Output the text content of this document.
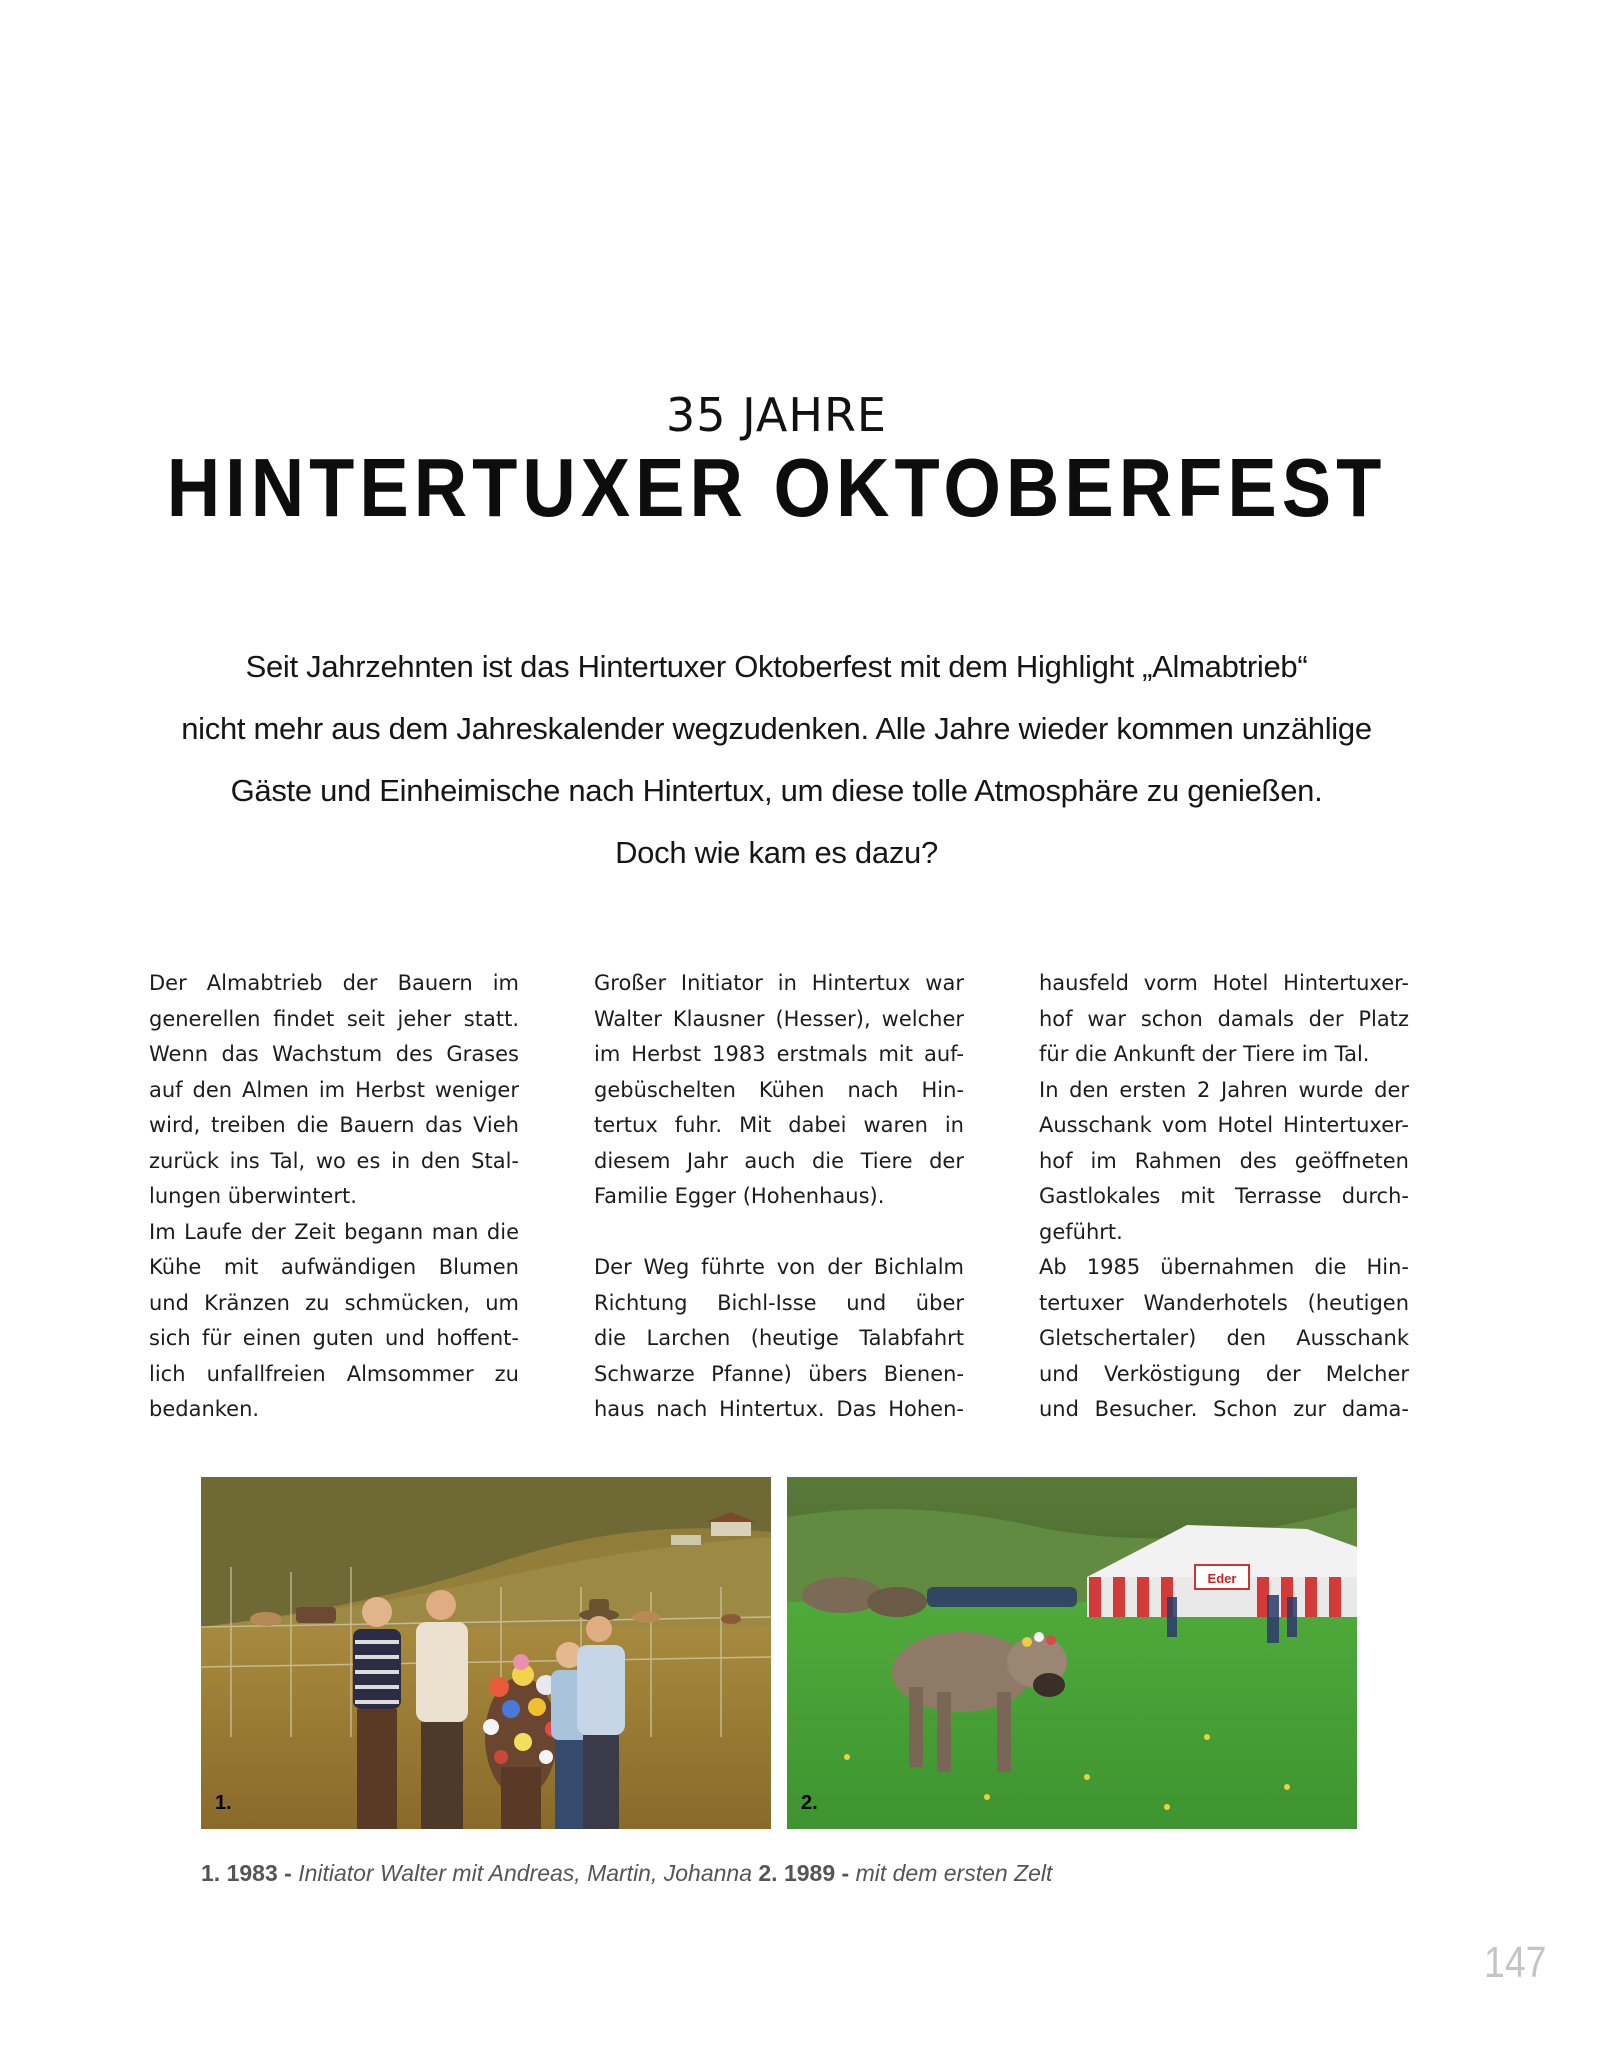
35 JAHRE
HINTERTUXER OKTOBERFEST
Seit Jahrzehnten ist das Hintertuxer Oktoberfest mit dem Highlight „Almabtrieb“
nicht mehr aus dem Jahreskalender wegzudenken. Alle Jahre wieder kommen unzählige
Gäste und Einheimische nach Hintertux, um diese tolle Atmosphäre zu genießen.
Doch wie kam es dazu?
Der Almabtrieb der Bauern im
generellen findet seit jeher statt.
Wenn das Wachstum des Grases
auf den Almen im Herbst weniger
wird, treiben die Bauern das Vieh
zurück ins Tal, wo es in den Stal-
lungen überwintert.
Im Laufe der Zeit begann man die
Kühe mit aufwändigen Blumen
und Kränzen zu schmücken, um
sich für einen guten und hoffent-
lich unfallfreien Almsommer zu
bedanken.
Großer Initiator in Hintertux war
Walter Klausner (Hesser), welcher
im Herbst 1983 erstmals mit auf-
gebüschelten Kühen nach Hin-
tertux fuhr. Mit dabei waren in
diesem Jahr auch die Tiere der
Familie Egger (Hohenhaus).
Der Weg führte von der Bichlalm
Richtung Bichl-Isse und über
die Larchen (heutige Talabfahrt
Schwarze Pfanne) übers Bienen-
haus nach Hintertux. Das Hohen-
hausfeld vorm Hotel Hintertuxer-
hof war schon damals der Platz
für die Ankunft der Tiere im Tal.
In den ersten 2 Jahren wurde der
Ausschank vom Hotel Hintertuxer-
hof im Rahmen des geöffneten
Gastlokales mit Terrasse durch-
geführt.
Ab 1985 übernahmen die Hin-
tertuxer Wanderhotels (heutigen
Gletschertaler) den Ausschank
und Verköstigung der Melcher
und Besucher. Schon zur dama-
1.
Eder
2.
1. 1983 - Initiator Walter mit Andreas, Martin, Johanna 2. 1989 - mit dem ersten Zelt
147
